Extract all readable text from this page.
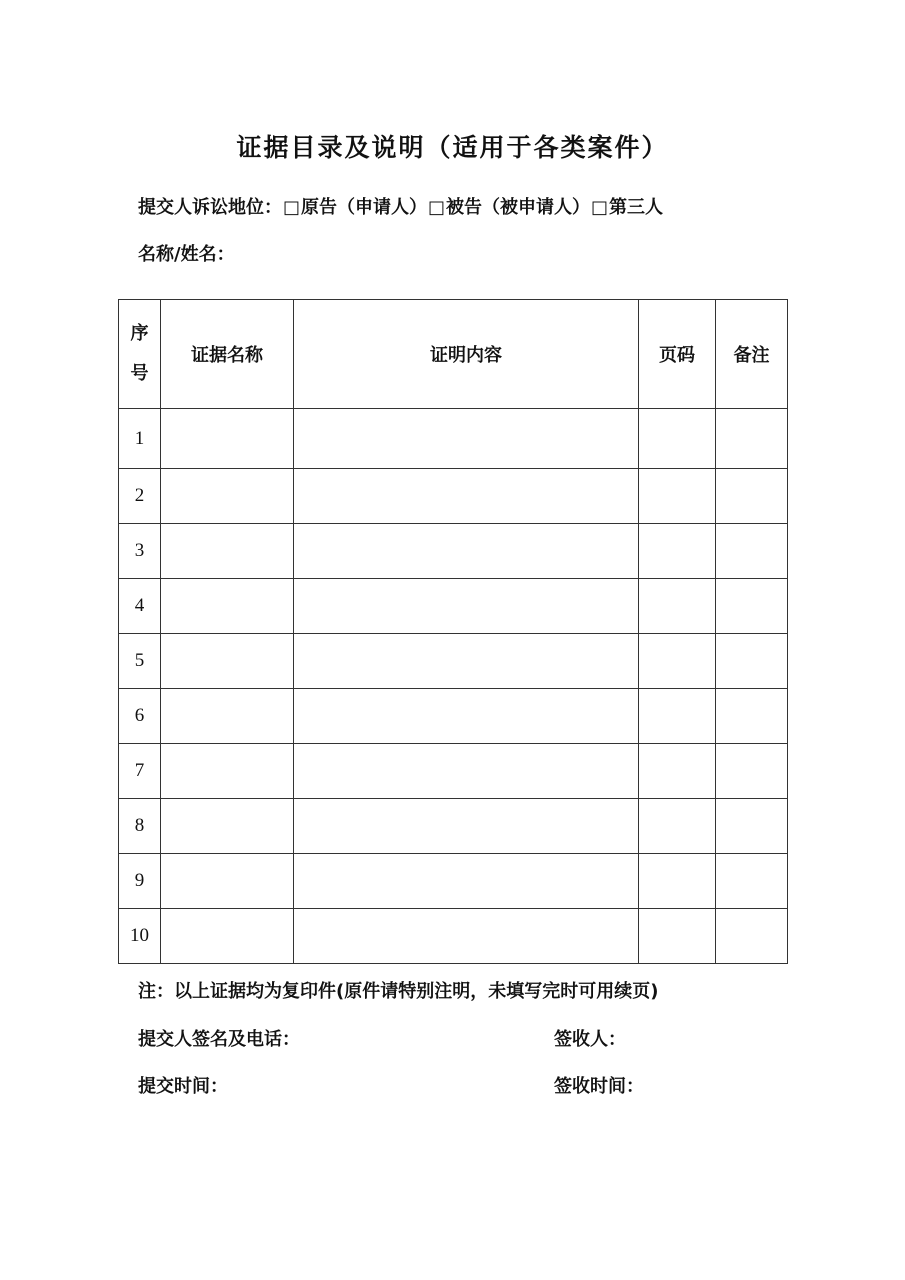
证据目录及说明（适用于各类案件）
提交人诉讼地位：□原告（申请人）□被告（被申请人）□第三人
名称/姓名：
序
号	证据名称	证明内容	页码	备注
1				
2				
3				
4				
5				
6				
7				
8				
9				
10				
注：以上证据均为复印件(原件请特别注明，未填写完时可用续页)
提交人签名及电话：	签收人：
提交时间：	签收时间：
